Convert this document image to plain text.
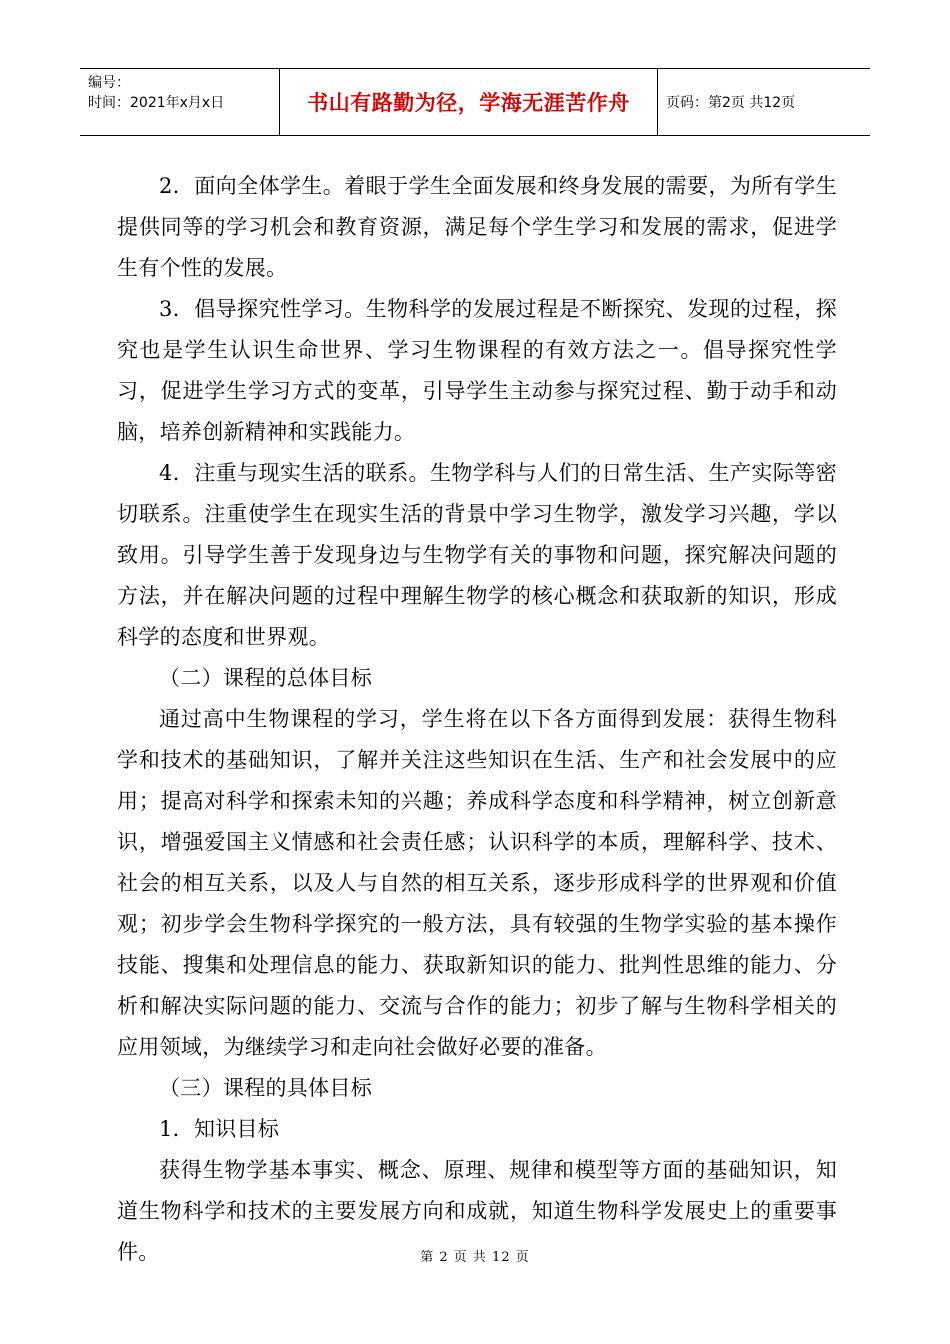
编号：
时间：2021年x月x日	书山有路勤为径，学海无涯苦作舟	页码：第2页 共12页

2．面向全体学生。着眼于学生全面发展和终身发展的需要，为所有学生提供同等的学习机会和教育资源，满足每个学生学习和发展的需求，促进学生有个性的发展。

3．倡导探究性学习。生物科学的发展过程是不断探究、发现的过程，探究也是学生认识生命世界、学习生物课程的有效方法之一。倡导探究性学习，促进学生学习方式的变革，引导学生主动参与探究过程、勤于动手和动脑，培养创新精神和实践能力。

4．注重与现实生活的联系。生物学科与人们的日常生活、生产实际等密切联系。注重使学生在现实生活的背景中学习生物学，激发学习兴趣，学以致用。引导学生善于发现身边与生物学有关的事物和问题，探究解决问题的方法，并在解决问题的过程中理解生物学的核心概念和获取新的知识，形成科学的态度和世界观。

（二）课程的总体目标

通过高中生物课程的学习，学生将在以下各方面得到发展：获得生物科学和技术的基础知识，了解并关注这些知识在生活、生产和社会发展中的应用；提高对科学和探索未知的兴趣；养成科学态度和科学精神，树立创新意识，增强爱国主义情感和社会责任感；认识科学的本质，理解科学、技术、社会的相互关系，以及人与自然的相互关系，逐步形成科学的世界观和价值观；初步学会生物科学探究的一般方法，具有较强的生物学实验的基本操作技能、搜集和处理信息的能力、获取新知识的能力、批判性思维的能力、分析和解决实际问题的能力、交流与合作的能力；初步了解与生物科学相关的应用领域，为继续学习和走向社会做好必要的准备。

（三）课程的具体目标

1．知识目标

获得生物学基本事实、概念、原理、规律和模型等方面的基础知识，知道生物科学和技术的主要发展方向和成就，知道生物科学发展史上的重要事件。	第 2 页 共 12 页
